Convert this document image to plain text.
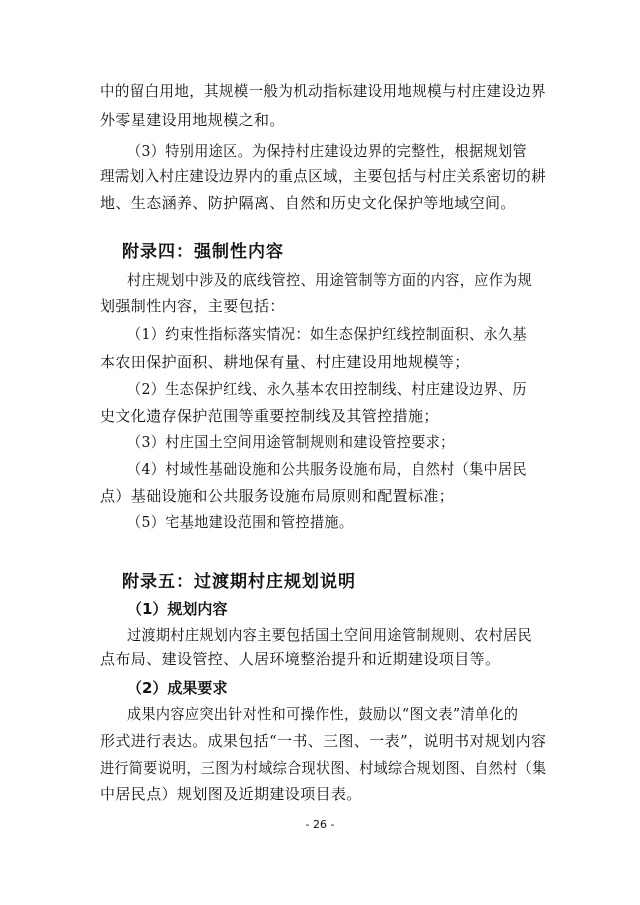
中的留白用地，其规模一般为机动指标建设用地规模与村庄建设边界
外零星建设用地规模之和。
（3）特别用途区。为保持村庄建设边界的完整性，根据规划管
理需划入村庄建设边界内的重点区域，主要包括与村庄关系密切的耕
地、生态涵养、防护隔离、自然和历史文化保护等地域空间。
附录四：强制性内容
村庄规划中涉及的底线管控、用途管制等方面的内容，应作为规
划强制性内容，主要包括：
（1）约束性指标落实情况：如生态保护红线控制面积、永久基
本农田保护面积、耕地保有量、村庄建设用地规模等；
（2）生态保护红线、永久基本农田控制线、村庄建设边界、历
史文化遗存保护范围等重要控制线及其管控措施；
（3）村庄国土空间用途管制规则和建设管控要求；
（4）村域性基础设施和公共服务设施布局，自然村（集中居民
点）基础设施和公共服务设施布局原则和配置标准；
（5）宅基地建设范围和管控措施。
附录五：过渡期村庄规划说明
（1）规划内容
过渡期村庄规划内容主要包括国土空间用途管制规则、农村居民
点布局、建设管控、人居环境整治提升和近期建设项目等。
（2）成果要求
成果内容应突出针对性和可操作性，鼓励以“图文表”清单化的
形式进行表达。成果包括“一书、三图、一表”，说明书对规划内容
进行简要说明，三图为村域综合现状图、村域综合规划图、自然村（集
中居民点）规划图及近期建设项目表。
- 26 -
